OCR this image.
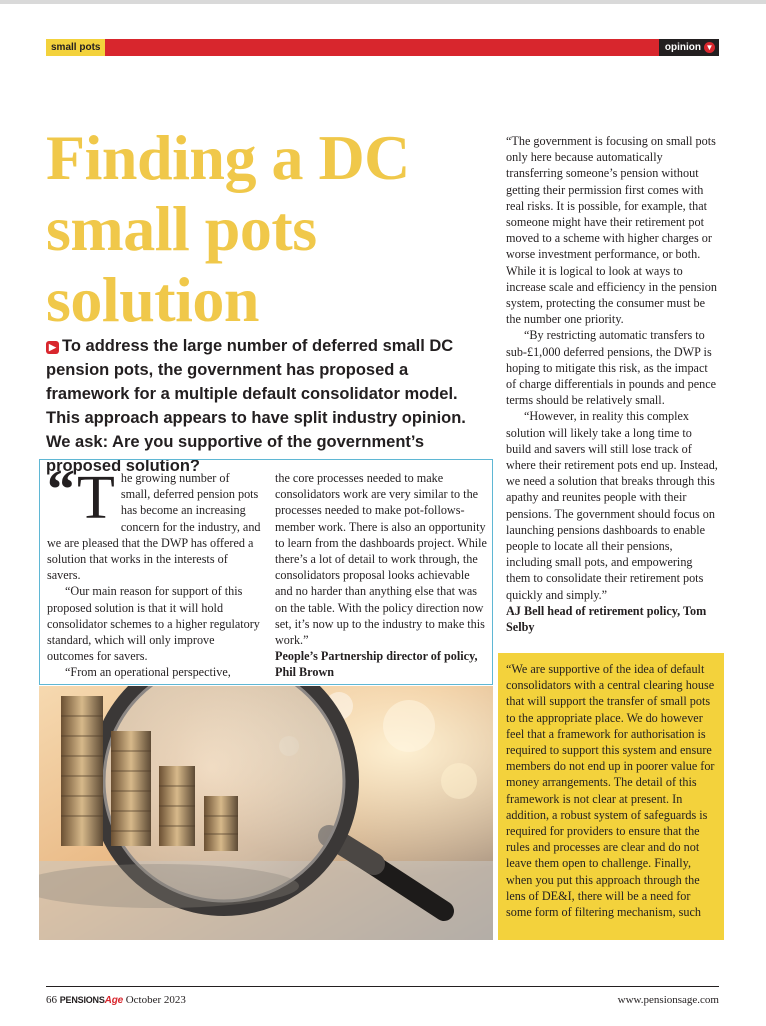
small pots	opinion ▼
Finding a DC small pots solution

▶ To address the large number of deferred small DC pension pots, the government has proposed a framework for a multiple default consolidator model. This approach appears to have split industry opinion. We ask: Are you supportive of the government’s proposed solution?

“ T he growing number of small, deferred pension pots has become an increasing concern for the industry, and we are pleased that the DWP has offered a solution that works in the interests of savers.

“Our main reason for support of this proposed solution is that it will hold consolidator schemes to a higher regulatory standard, which will only improve outcomes for savers.

“From an operational perspective,

the core processes needed to make consolidators work are very similar to the processes needed to make pot-follows-member work. There is also an opportunity to learn from the dashboards project. While there’s a lot of detail to work through, the consolidators proposal looks achievable and no harder than anything else that was on the table. With the policy direction now set, it’s now up to the industry to make this work.”

People’s Partnership director of policy, Phil Brown

“The government is focusing on small pots only here because automatically transferring someone’s pension without getting their permission first comes with real risks. It is possible, for example, that someone might have their retirement pot moved to a scheme with higher charges or worse investment performance, or both. While it is logical to look at ways to increase scale and efficiency in the pension system, protecting the consumer must be the number one priority.

“By restricting automatic transfers to sub-£1,000 deferred pensions, the DWP is hoping to mitigate this risk, as the impact of charge differentials in pounds and pence terms should be relatively small.

“However, in reality this complex solution will likely take a long time to build and savers will still lose track of where their retirement pots end up. Instead, we need a solution that breaks through this apathy and reunites people with their pensions. The government should focus on launching pensions dashboards to enable people to locate all their pensions, including small pots, and empowering them to consolidate their retirement pots quickly and simply.”

AJ Bell head of retirement policy, Tom Selby

“We are supportive of the idea of default consolidators with a central clearing house that will support the transfer of small pots to the appropriate place. We do however feel that a framework for authorisation is required to support this system and ensure members do not end up in poorer value for money arrangements. The detail of this framework is not clear at present. In addition, a robust system of safeguards is required for providers to ensure that the rules and processes are clear and do not leave them open to challenge. Finally, when you put this approach through the lens of DE&I, there will be a need for some form of filtering mechanism, such

66 PENSIONSAge October 2023	www.pensionsage.com
